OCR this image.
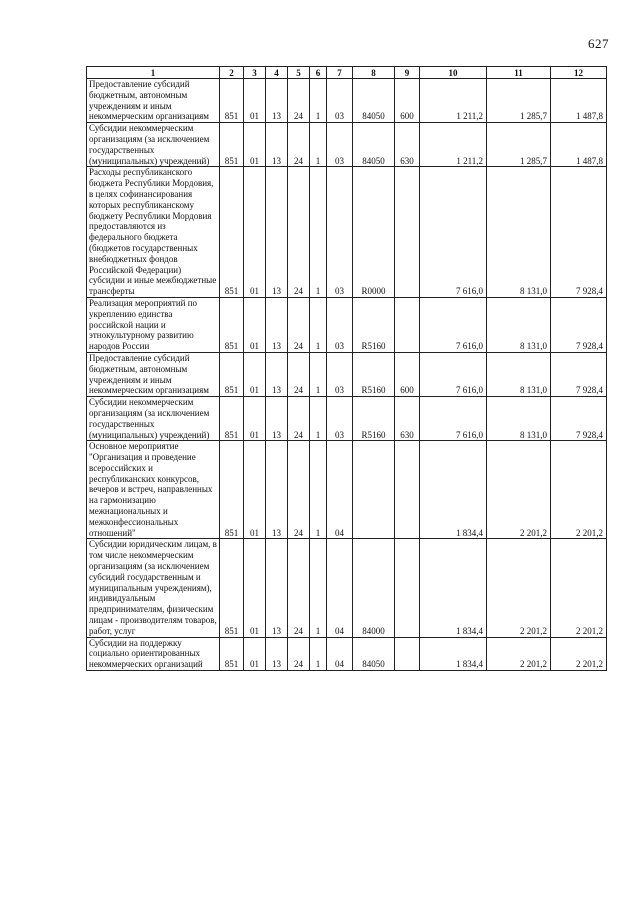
627
1	2	3	4	5	6	7	8	9	10	11	12
Предоставление субсидий бюджетным, автономным учреждениям и иным некоммерческим организациям	851	01	13	24	1	03	84050	600	1 211,2	1 285,7	1 487,8
Субсидии некоммерческим организациям (за исключением государственных (муниципальных) учреждений)	851	01	13	24	1	03	84050	630	1 211,2	1 285,7	1 487,8
Расходы республиканского бюджета Республики Мордовия, в целях софинансирования которых республиканскому бюджету Республики Мордовия предоставляются из федерального бюджета (бюджетов государственных внебюджетных фондов Российской Федерации) субсидии и иные межбюджетные трансферты	851	01	13	24	1	03	R0000		7 616,0	8 131,0	7 928,4
Реализация мероприятий по укреплению единства российской нации и этнокультурному развитию народов России	851	01	13	24	1	03	R5160		7 616,0	8 131,0	7 928,4
Предоставление субсидий бюджетным, автономным учреждениям и иным некоммерческим организациям	851	01	13	24	1	03	R5160	600	7 616,0	8 131,0	7 928,4
Субсидии некоммерческим организациям (за исключением государственных (муниципальных) учреждений)	851	01	13	24	1	03	R5160	630	7 616,0	8 131,0	7 928,4
Основное мероприятие "Организация и проведение всероссийских и республиканских конкурсов, вечеров и встреч, направленных на гармонизацию межнациональных и межконфессиональных отношений"	851	01	13	24	1	04			1 834,4	2 201,2	2 201,2
Субсидии юридическим лицам, в том числе некоммерческим организациям (за исключением субсидий государственным и муниципальным учреждениям), индивидуальным предпринимателям, физическим лицам - производителям товаров, работ, услуг	851	01	13	24	1	04	84000		1 834,4	2 201,2	2 201,2
Субсидии на поддержку социально ориентированных некоммерческих организаций	851	01	13	24	1	04	84050		1 834,4	2 201,2	2 201,2
